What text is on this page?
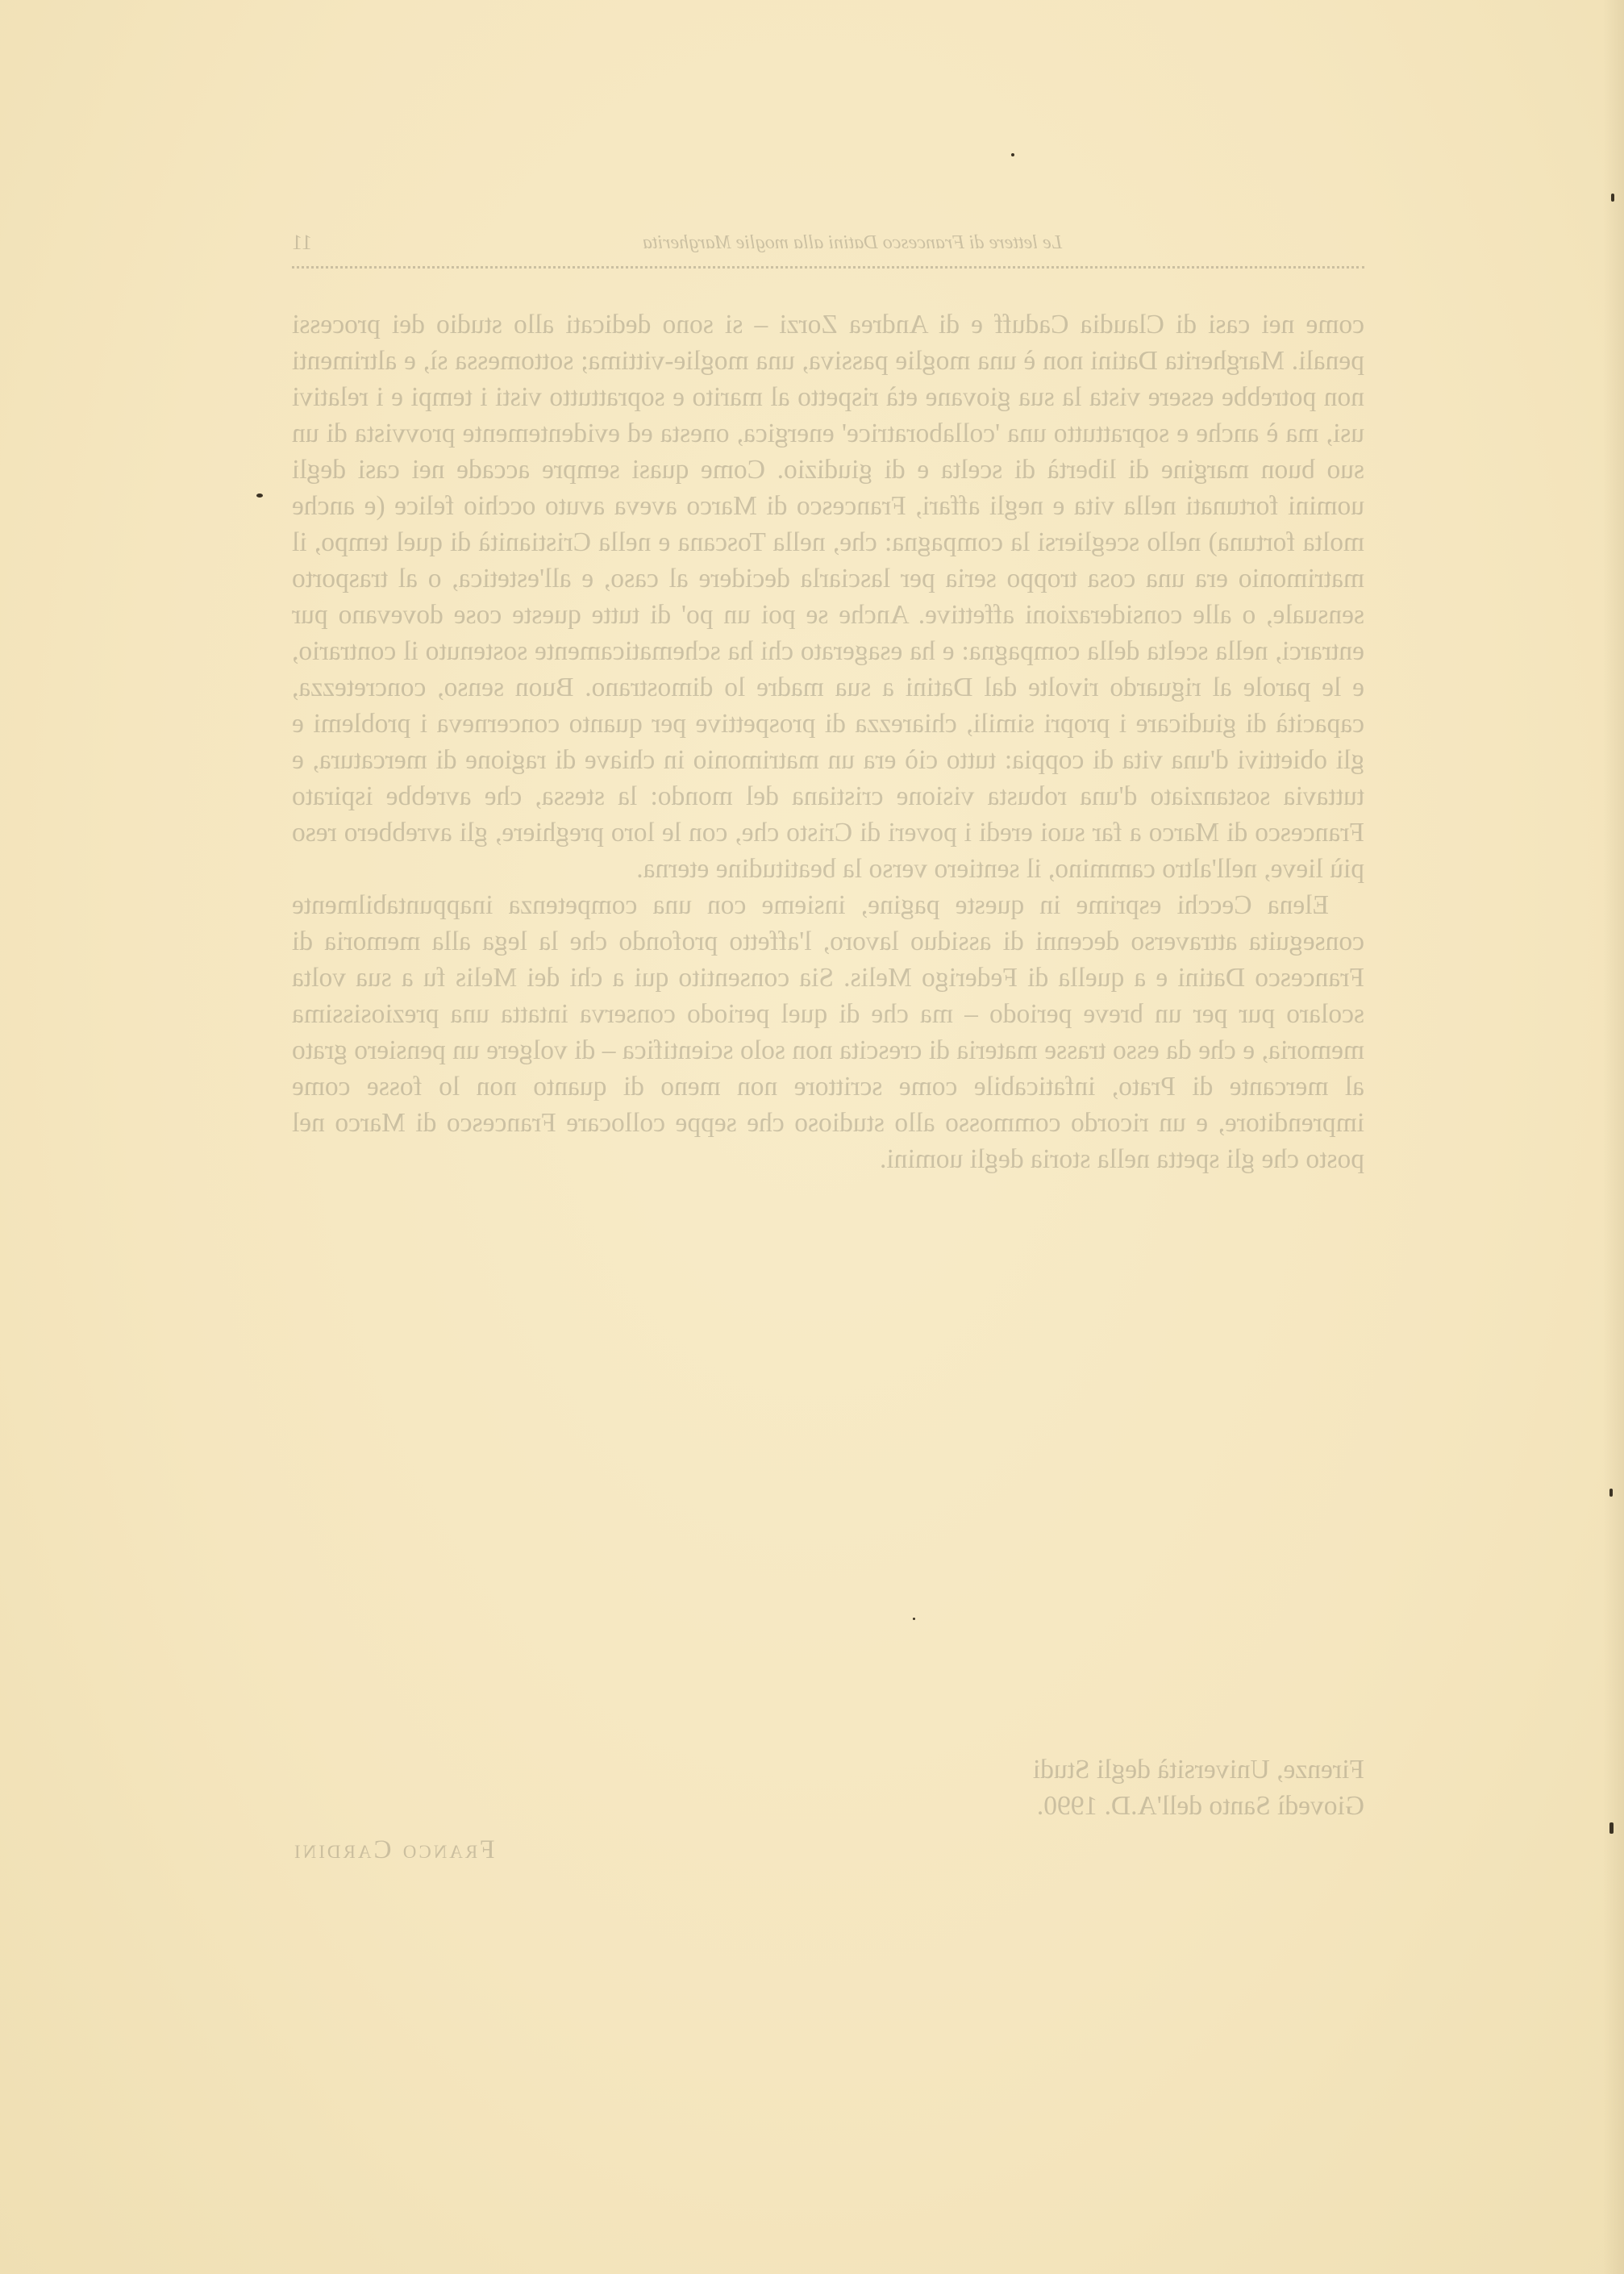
Le lettere di Francesco Datini alla moglie Margherita
11

come nei casi di Claudia Caduff e di Andrea Zorzi – si sono dedicati allo studio dei processi penali. Margherita Datini non è una moglie passiva, una moglie-vittima; sottomessa sì, e altrimenti non potrebbe essere vista la sua giovane età rispetto al marito e soprattutto visti i tempi e i relativi usi, ma è anche e soprattutto una 'collaboratrice' energica, onesta ed evidentemente provvista di un suo buon margine di libertà di scelta e di giudizio. Come quasi sempre accade nei casi degli uomini fortunati nella vita e negli affari, Francesco di Marco aveva avuto occhio felice (e anche molta fortuna) nello scegliersi la compagna: che, nella Toscana e nella Cristianità di quel tempo, il matrimonio era una cosa troppo seria per lasciarla decidere al caso, e all'estetica, o al trasporto sensuale, o alle considerazioni affettive. Anche se poi un po' di tutte queste cose dovevano pur entrarci, nella scelta della compagna: e ha esagerato chi ha schematicamente sostenuto il contrario, e le parole al riguardo rivolte dal Datini a sua madre lo dimostrano. Buon senso, concretezza, capacità di giudicare i propri simili, chiarezza di prospettive per quanto concerneva i problemi e gli obiettivi d'una vita di coppia: tutto ciò era un matrimonio in chiave di ragione di mercatura, e tuttavia sostanziato d'una robusta visione cristiana del mondo: la stessa, che avrebbe ispirato Francesco di Marco a far suoi eredi i poveri di Cristo che, con le loro preghiere, gli avrebbero reso più lieve, nell'altro cammino, il sentiero verso la beatitudine eterna.

Elena Cecchi esprime in queste pagine, insieme con una competenza inappuntabilmente conseguita attraverso decenni di assiduo lavoro, l'affetto profondo che la lega alla memoria di Francesco Datini e a quella di Federigo Melis. Sia consentito qui a chi dei Melis fu a sua volta scolaro pur per un breve periodo – ma che di quel periodo conserva intatta una preziosissima memoria, e che da esso trasse materia di crescita non solo scientifica – di volgere un pensiero grato al mercante di Prato, infaticabile come scrittore non meno di quanto non lo fosse come imprenditore, e un ricordo commosso allo studioso che seppe collocare Francesco di Marco nel posto che gli spetta nella storia degli uomini.

Firenze, Università degli Studi
Giovedì Santo dell'A.D. 1990.
Franco Cardini
